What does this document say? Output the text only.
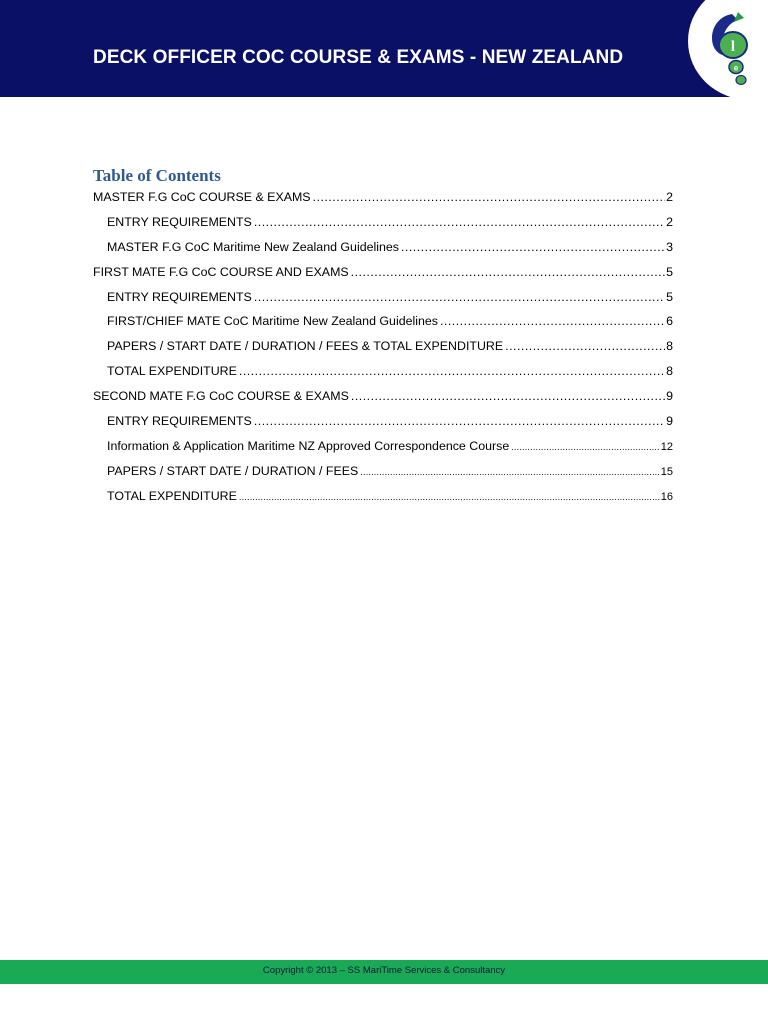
DECK OFFICER COC COURSE & EXAMS - NEW ZEALAND	l
e
Table of Contents
MASTER F.G CoC COURSE & EXAMS .....	2
ENTRY REQUIREMENTS .....	2
MASTER F.G CoC Maritime New Zealand Guidelines .....	3
FIRST MATE F.G CoC COURSE AND EXAMS .....	5
ENTRY REQUIREMENTS .....	5
FIRST/CHIEF MATE CoC Maritime New Zealand Guidelines .....	6
PAPERS / START DATE / DURATION / FEES & TOTAL EXPENDITURE .....	8
TOTAL EXPENDITURE .....	8
SECOND MATE F.G CoC COURSE & EXAMS .....	9
ENTRY REQUIREMENTS .....	9
Information & Application Maritime NZ Approved Correspondence Course .....	12
PAPERS / START DATE / DURATION / FEES .....	15
TOTAL EXPENDITURE .....	16
Copyright © 2013 – SS MariTime Services & Consultancy
